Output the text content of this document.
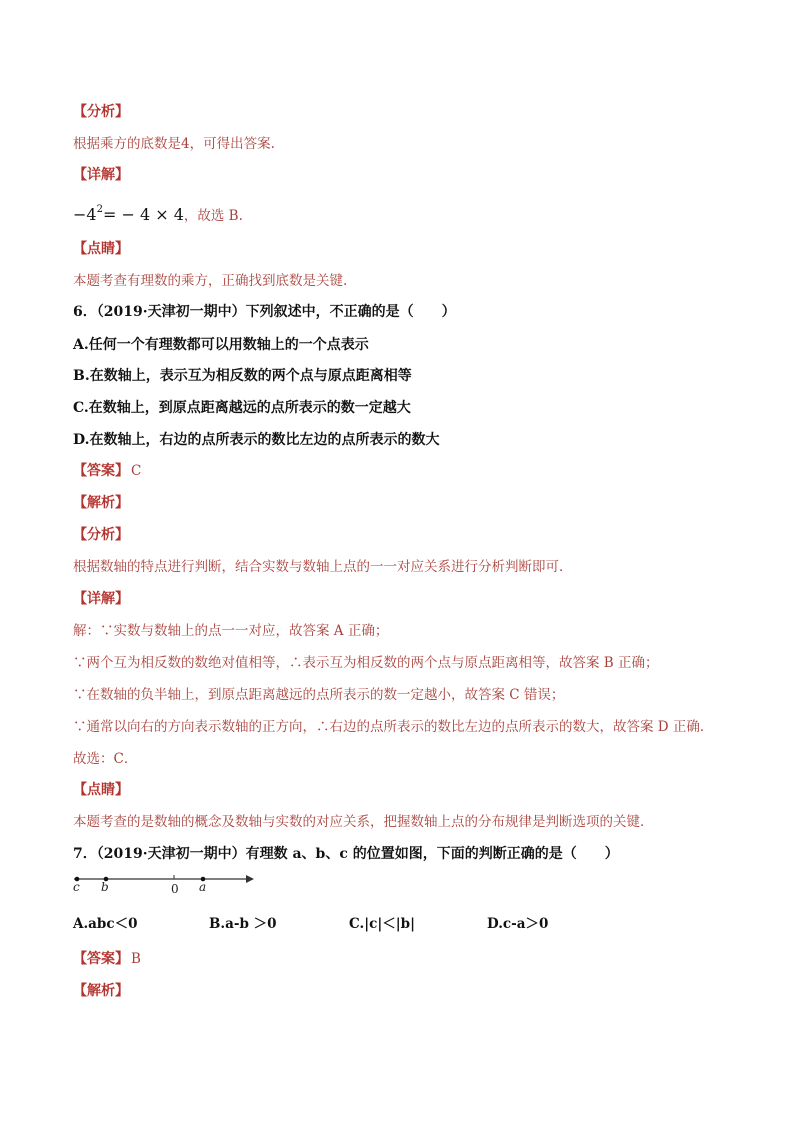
【分析】
根据乘方的底数是4，可得出答案.
【详解】
$-4^2= - 4 \times 4$，故选 B.
【点睛】
本题考查有理数的乘方，正确找到底数是关键.
6．（2019·天津初一期中）下列叙述中，不正确的是（　　）
A.任何一个有理数都可以用数轴上的一个点表示
B.在数轴上，表示互为相反数的两个点与原点距离相等
C.在数轴上，到原点距离越远的点所表示的数一定越大
D.在数轴上，右边的点所表示的数比左边的点所表示的数大
【答案】 C
【解析】
【分析】
根据数轴的特点进行判断，结合实数与数轴上点的一一对应关系进行分析判断即可．
【详解】
解：∵实数与数轴上的点一一对应，故答案 A 正确；
∵两个互为相反数的数绝对值相等，∴表示互为相反数的两个点与原点距离相等，故答案 B 正确；
∵在数轴的负半轴上，到原点距离越远的点所表示的数一定越小，故答案 C 错误；
∵通常以向右的方向表示数轴的正方向，∴右边的点所表示的数比左边的点所表示的数大，故答案 D 正确．
故选：C．
【点睛】
本题考查的是数轴的概念及数轴与实数的对应关系，把握数轴上点的分布规律是判断选项的关键．
7．（2019·天津初一期中）有理数 a、b、c 的位置如图，下面的判断正确的是（　　）
c b	0 a
A.abc＜0	B.a-b ＞0	C.|c|＜|b|	D.c-a＞0
【答案】 B
【解析】
